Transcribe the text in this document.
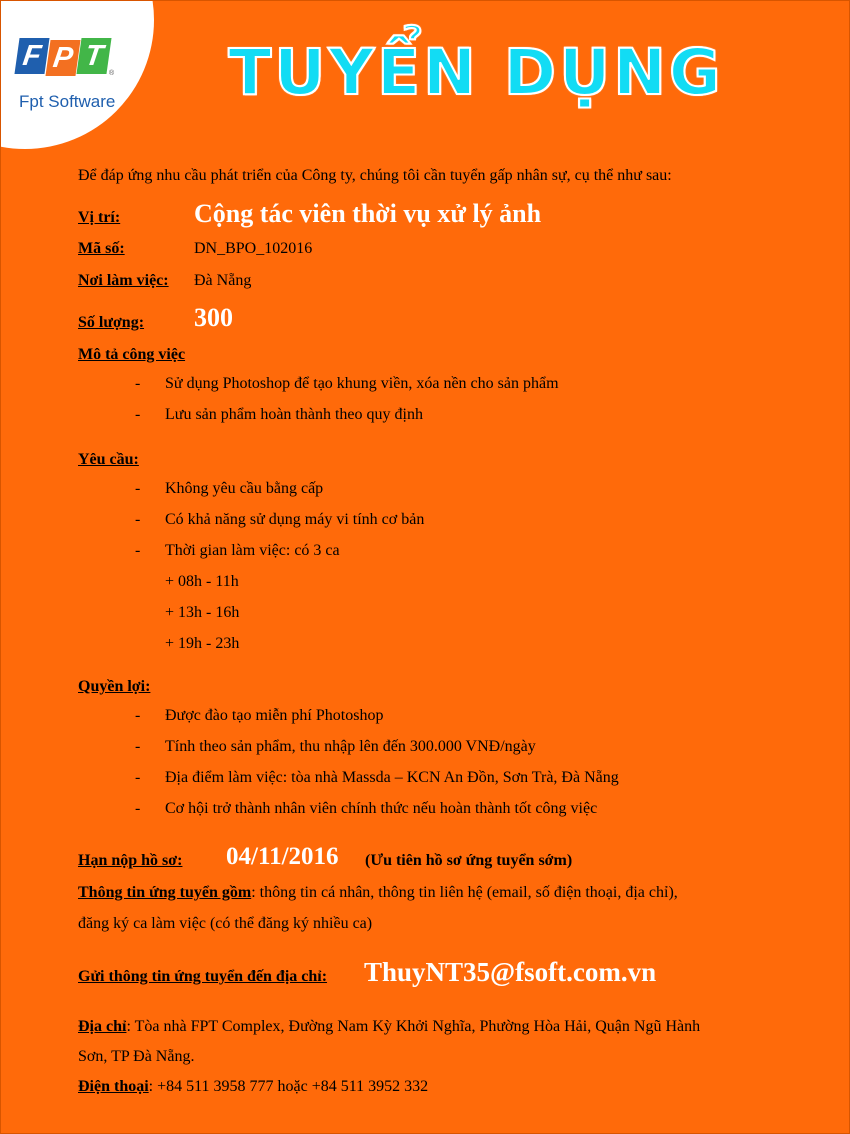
F P T
®
Fpt Software	TUYỂN DỤNG

Để đáp ứng nhu cầu phát triển của Công ty, chúng tôi cần tuyển gấp nhân sự, cụ thể như sau:

Vị trí:	Cộng tác viên thời vụ xử lý ảnh

Mã số:	DN_BPO_102016

Nơi làm việc: Đà Nẵng

Số lượng: 300

Mô tả công việc

- Sử dụng Photoshop để tạo khung viền, xóa nền cho sản phẩm

- Lưu sản phẩm hoàn thành theo quy định

Yêu cầu:

- Không yêu cầu bằng cấp

- Có khả năng sử dụng máy vi tính cơ bản

- Thời gian làm việc: có 3 ca

+ 08h - 11h

+ 13h - 16h

+ 19h - 23h

Quyền lợi:

- Được đào tạo miễn phí Photoshop

- Tính theo sản phẩm, thu nhập lên đến 300.000 VNĐ/ngày

- Địa điểm làm việc: tòa nhà Massda – KCN An Đồn, Sơn Trà, Đà Nẵng

- Cơ hội trở thành nhân viên chính thức nếu hoàn thành tốt công việc

Hạn nộp hồ sơ: 04/11/2016 (Ưu tiên hồ sơ ứng tuyển sớm)

Thông tin ứng tuyển gồm: thông tin cá nhân, thông tin liên hệ (email, số điện thoại, địa chỉ),

đăng ký ca làm việc (có thể đăng ký nhiều ca)

Gửi thông tin ứng tuyển đến địa chỉ: ThuyNT35@fsoft.com.vn

Địa chỉ: Tòa nhà FPT Complex, Đường Nam Kỳ Khởi Nghĩa, Phường Hòa Hải, Quận Ngũ Hành

Sơn, TP Đà Nẵng.

Điện thoại: +84 511 3958 777 hoặc +84 511 3952 332
